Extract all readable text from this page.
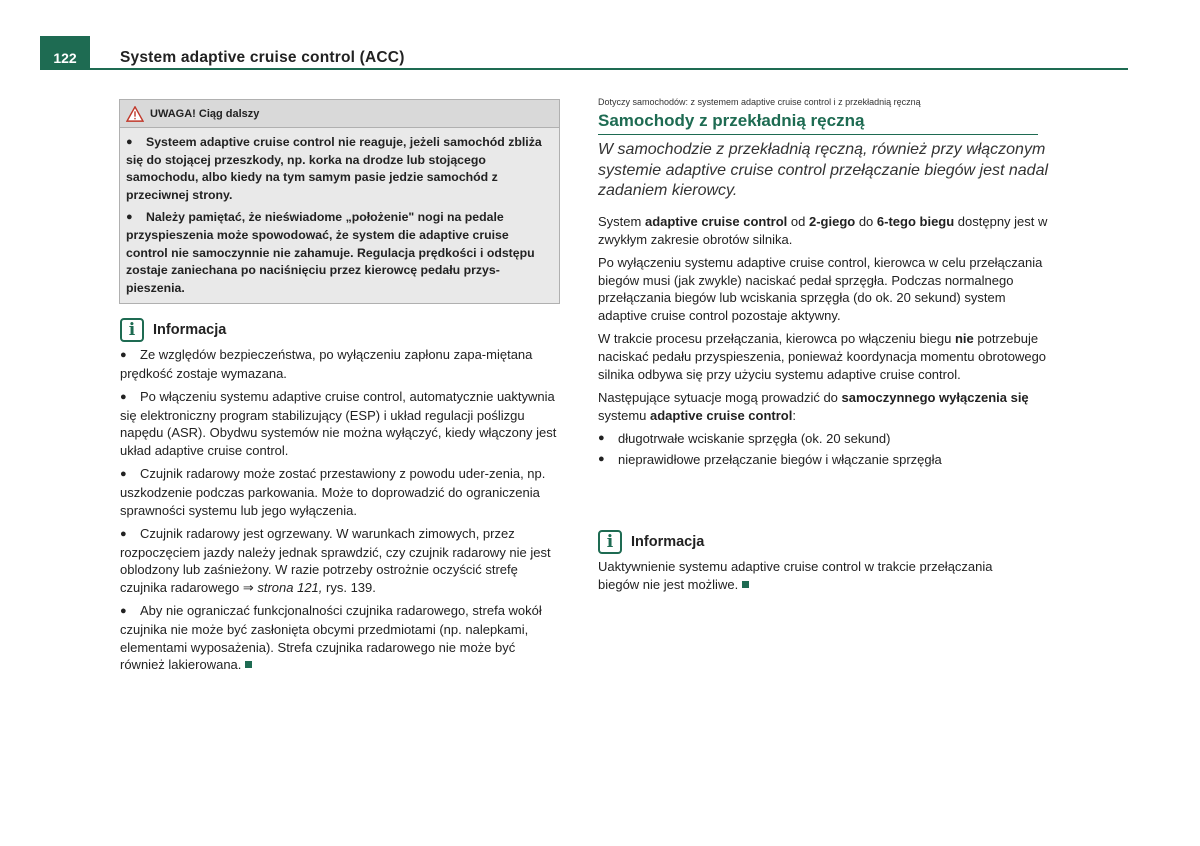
122	System adaptive cruise control (ACC)
UWAGA! Ciąg dalszy
● Systeem adaptive cruise control nie reaguje, jeżeli samochód zbliża się do stojącej przeszkody, np. korka na drodze lub stojącego samochodu, albo kiedy na tym samym pasie jedzie samochód z przeciwnej strony.
● Należy pamiętać, że nieświadome „położenie" nogi na pedale przyspieszenia może spowodować, że system die adaptive cruise control nie samoczynnie nie zahamuje. Regulacja prędkości i odstępu zostaje zaniechana po naciśnięciu przez kierowcę pedału przys-pieszenia.
i	Informacja

● Ze względów bezpieczeństwa, po wyłączeniu zapłonu zapa-miętana prędkość zostaje wymazana.

● Po włączeniu systemu adaptive cruise control, automatycznie uaktywnia się elektroniczny program stabilizujący (ESP) i układ regulacji poślizgu napędu (ASR). Obydwu systemów nie można wyłączyć, kiedy włączony jest układ adaptive cruise control.

● Czujnik radarowy może zostać przestawiony z powodu uder-zenia, np. uszkodzenie podczas parkowania. Może to doprowadzić do ograniczenia sprawności systemu lub jego wyłączenia.

● Czujnik radarowy jest ogrzewany. W warunkach zimowych, przez rozpoczęciem jazdy należy jednak sprawdzić, czy czujnik radarowy nie jest oblodzony lub zaśnieżony. W razie potrzeby ostrożnie oczyścić strefę czujnika radarowego ⇒ strona 121, rys. 139.

● Aby nie ograniczać funkcjonalności czujnika radarowego, strefa wokół czujnika nie może być zasłonięta obcymi przedmiotami (np. nalepkami, elementami wyposażenia). Strefa czujnika radarowego nie może być również lakierowana.

Dotyczy samochodów: z systemem adaptive cruise control i z przekładnią ręczną
Samochody z przekładnią ręczną
W samochodzie z przekładnią ręczną, również przy włączonym systemie adaptive cruise control przełączanie biegów jest nadal zadaniem kierowcy.

System adaptive cruise control od 2-giego do 6-tego biegu dostępny jest w zwykłym zakresie obrotów silnika.

Po wyłączeniu systemu adaptive cruise control, kierowca w celu przełączania biegów musi (jak zwykle) naciskać pedał sprzęgła. Podczas normalnego przełączania biegów lub wciskania sprzęgła (do ok. 20 sekund) system adaptive cruise control pozostaje aktywny.

W trakcie procesu przełączania, kierowca po włączeniu biegu nie potrzebuje naciskać pedału przyspieszenia, ponieważ koordynacja momentu obrotowego silnika odbywa się przy użyciu systemu adaptive cruise control.

Następujące sytuacje mogą prowadzić do samoczynnego wyłączenia się systemu adaptive cruise control:

●	długotrwałe wciskanie sprzęgła (ok. 20 sekund)
●	nieprawidłowe przełączanie biegów i włączanie sprzęgła
i	Informacja

Uaktywnienie systemu adaptive cruise control w trakcie przełączania biegów nie jest możliwe.
